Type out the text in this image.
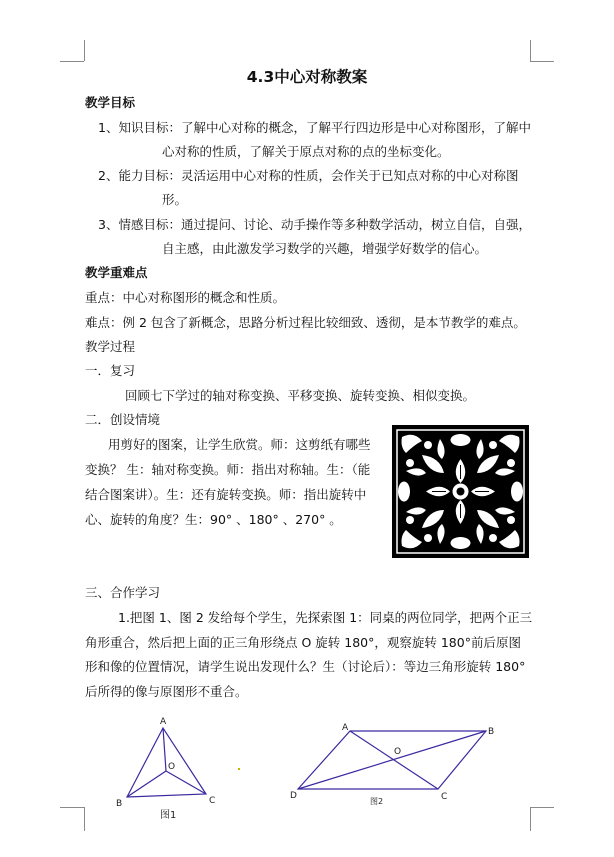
4.3中心对称教案
教学目标
1、知识目标：了解中心对称的概念，了解平行四边形是中心对称图形，了解中
心对称的性质，了解关于原点对称的点的坐标变化。
2、能力目标：灵活运用中心对称的性质，会作关于已知点对称的中心对称图
形。
3、情感目标：通过提问、讨论、动手操作等多种数学活动，树立自信，自强，
自主感，由此激发学习数学的兴趣，增强学好数学的信心。
教学重难点
重点：中心对称图形的概念和性质。
难点：例 2 包含了新概念，思路分析过程比较细致、透彻，是本节教学的难点。
教学过程
一．复习
回顾七下学过的轴对称变换、平移变换、旋转变换、相似变换。
二．创设情境
用剪好的图案，让学生欣赏。师：这剪纸有哪些
变换？ 生：轴对称变换。师：指出对称轴。生：（能
结合图案讲）。生：还有旋转变换。师：指出旋转中
心、旋转的角度？生：90° 、180° 、270° 。
三、合作学习
1.把图 1、图 2 发给每个学生，先探索图 1：同桌的两位同学，把两个正三
角形重合，然后把上面的正三角形绕点 O 旋转 180°，观察旋转 180°前后原图
形和像的位置情况，请学生说出发现什么？生（讨论后）：等边三角形旋转 180°
后所得的像与原图形不重合。
A
B	C
O
图1
A	B
C
D
O
图2
